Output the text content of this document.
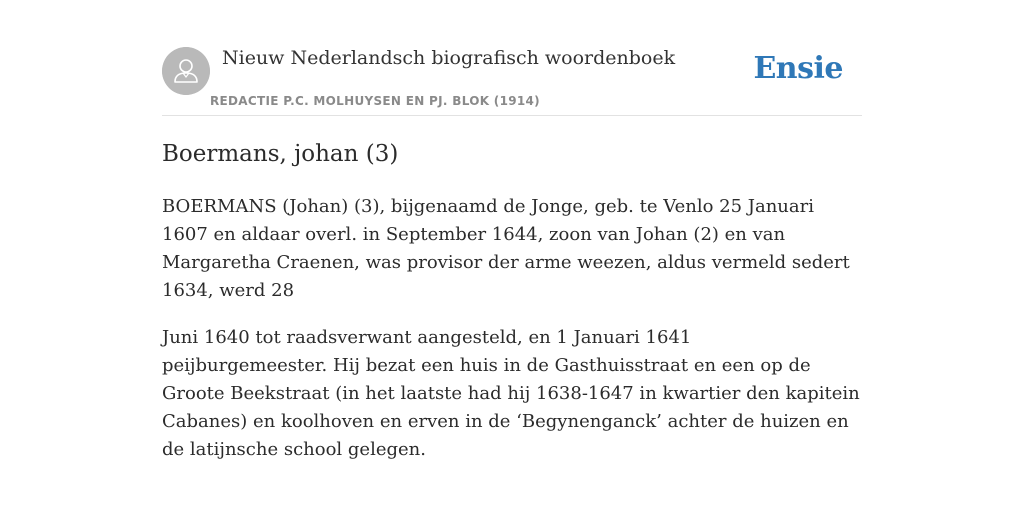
Nieuw Nederlandsch biografisch woordenboek
REDACTIE P.C. MOLHUYSEN EN PJ. BLOK (1914)
Ensie
Boermans, johan (3)

BOERMANS (Johan) (3), bijgenaamd de Jonge, geb. te Venlo 25 Januari 1607 en aldaar overl. in September 1644, zoon van Johan (2) en van Margaretha Craenen, was provisor der arme weezen, aldus vermeld sedert 1634, werd 28

Juni 1640 tot raadsverwant aangesteld, en 1 Januari 1641 peijburgemeester. Hij bezat een huis in de Gasthuisstraat en een op de Groote Beekstraat (in het laatste had hij 1638-1647 in kwartier den kapitein Cabanes) en koolhoven en erven in de ‘Begynenganck’ achter de huizen en de latijnsche school gelegen.
